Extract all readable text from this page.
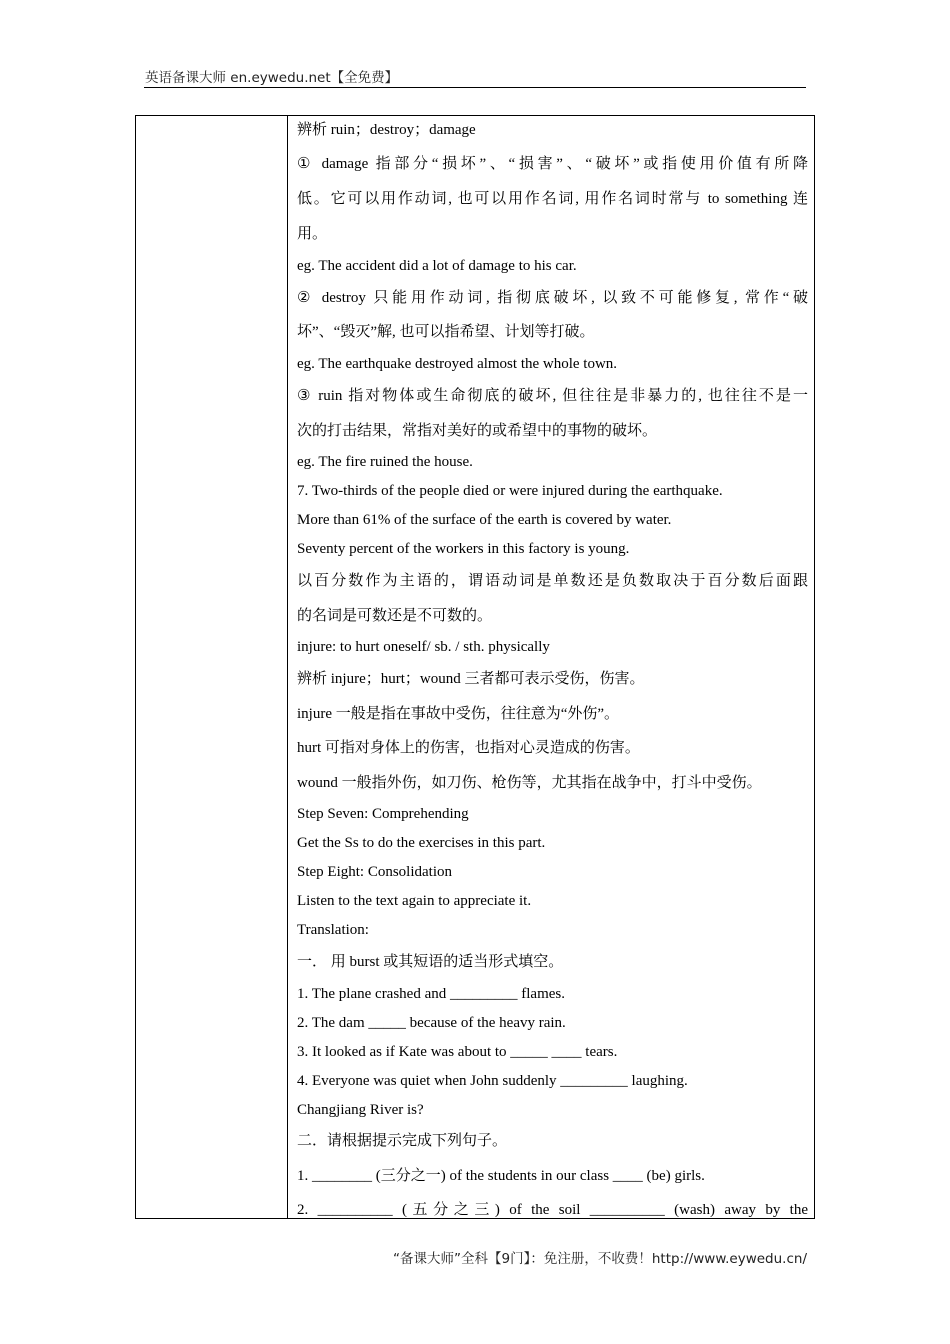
英语备课大师 en.eywedu.net【全免费】
辨析 ruin；destroy；damage
① damage 指部分“损坏”、“损害”、“破坏”或指使用价值有所降
低。它可以用作动词, 也可以用作名词, 用作名词时常与 to something 连
用。
eg. The accident did a lot of damage to his car.
② destroy 只能用作动词, 指彻底破坏, 以致不可能修复, 常作“破
坏”、“毁灭”解, 也可以指希望、计划等打破。
eg. The earthquake destroyed almost the whole town.
③ ruin 指对物体或生命彻底的破坏, 但往往是非暴力的, 也往往不是一
次的打击结果，常指对美好的或希望中的事物的破坏。
eg. The fire ruined the house.
7. Two-thirds of the people died or were injured during the earthquake.
More than 61% of the surface of the earth is covered by water.
Seventy percent of the workers in this factory is young.
以百分数作为主语的，谓语动词是单数还是负数取决于百分数后面跟
的名词是可数还是不可数的。
injure: to hurt oneself/ sb. / sth. physically
辨析 injure；hurt；wound 三者都可表示受伤，伤害。
injure 一般是指在事故中受伤，往往意为“外伤”。
hurt 可指对身体上的伤害，也指对心灵造成的伤害。
wound 一般指外伤，如刀伤、枪伤等，尤其指在战争中，打斗中受伤。
Step Seven: Comprehending
Get the Ss to do the exercises in this part.
Step Eight: Consolidation
Listen to the text again to appreciate it.
Translation:
一． 用 burst 或其短语的适当形式填空。
1. The plane crashed and _________ flames.
2. The dam _____ because of the heavy rain.
3. It looked as if Kate was about to _____ ____ tears.
4. Everyone was quiet when John suddenly _________ laughing.
Changjiang River is?
二．请根据提示完成下列句子。
1. ________ (三分之一) of the students in our class ____ (be) girls.
2. __________ (五分之三) of the soil __________ (wash) away by the
“备课大师”全科【9门】：免注册，不收费！http://www.eywedu.cn/
